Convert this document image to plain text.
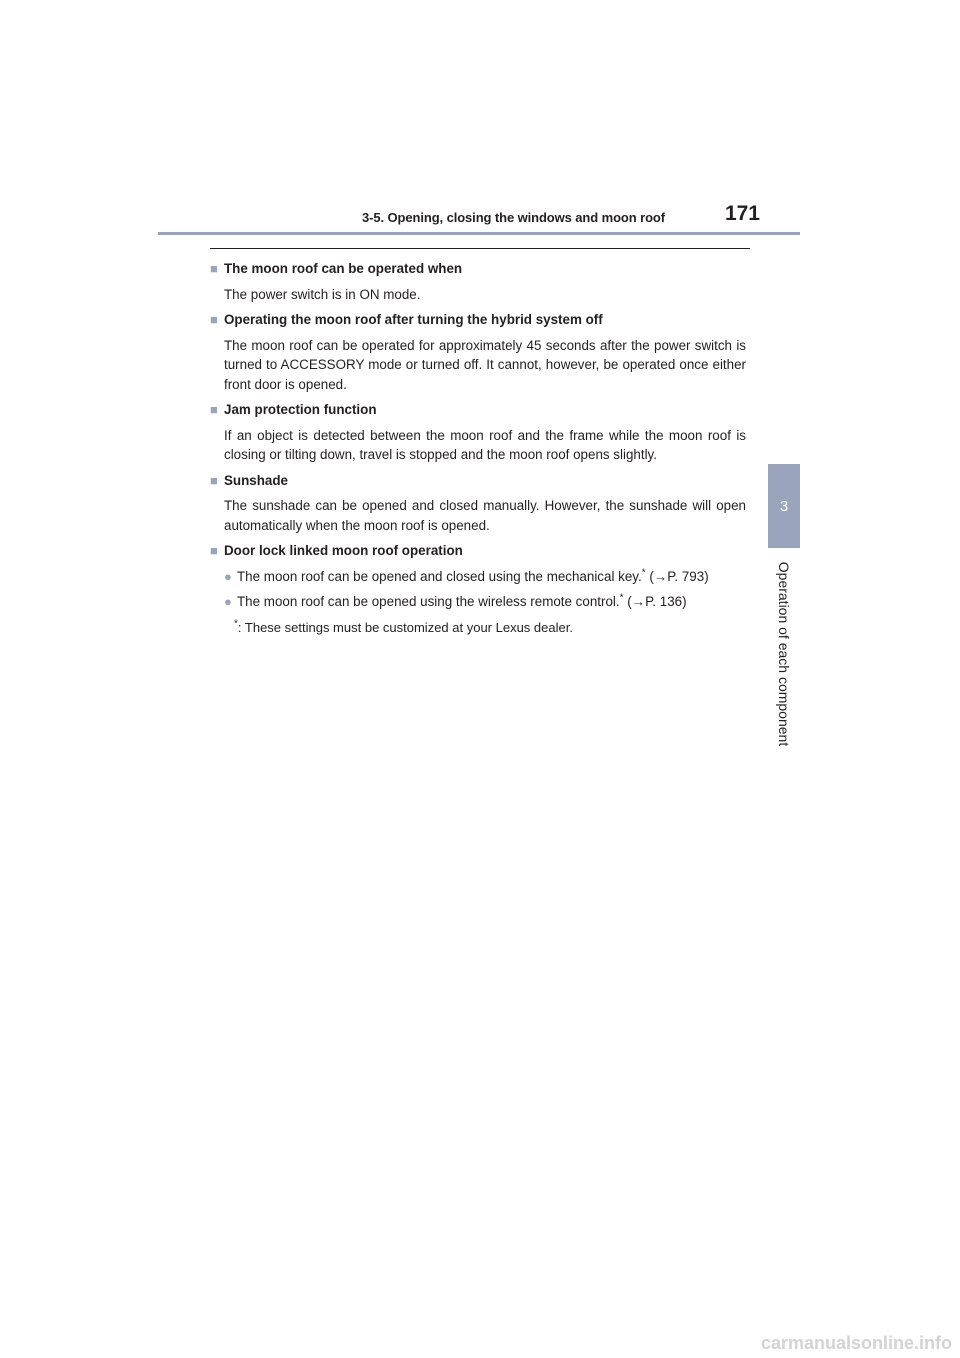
3-5. Opening, closing the windows and moon roof	171
3
Operation of each component
■ The moon roof can be operated when
The power switch is in ON mode.
■ Operating the moon roof after turning the hybrid system off
The moon roof can be operated for approximately 45 seconds after the power switch is turned to ACCESSORY mode or turned off. It cannot, however, be operated once either front door is opened.
■ Jam protection function
If an object is detected between the moon roof and the frame while the moon roof is closing or tilting down, travel is stopped and the moon roof opens slightly.
■ Sunshade
The sunshade can be opened and closed manually. However, the sunshade will open automatically when the moon roof is opened.
■ Door lock linked moon roof operation
● The moon roof can be opened and closed using the mechanical key.* (→P. 793)
● The moon roof can be opened using the wireless remote control.* (→P. 136)
*: These settings must be customized at your Lexus dealer.
carmanualsonline.info
